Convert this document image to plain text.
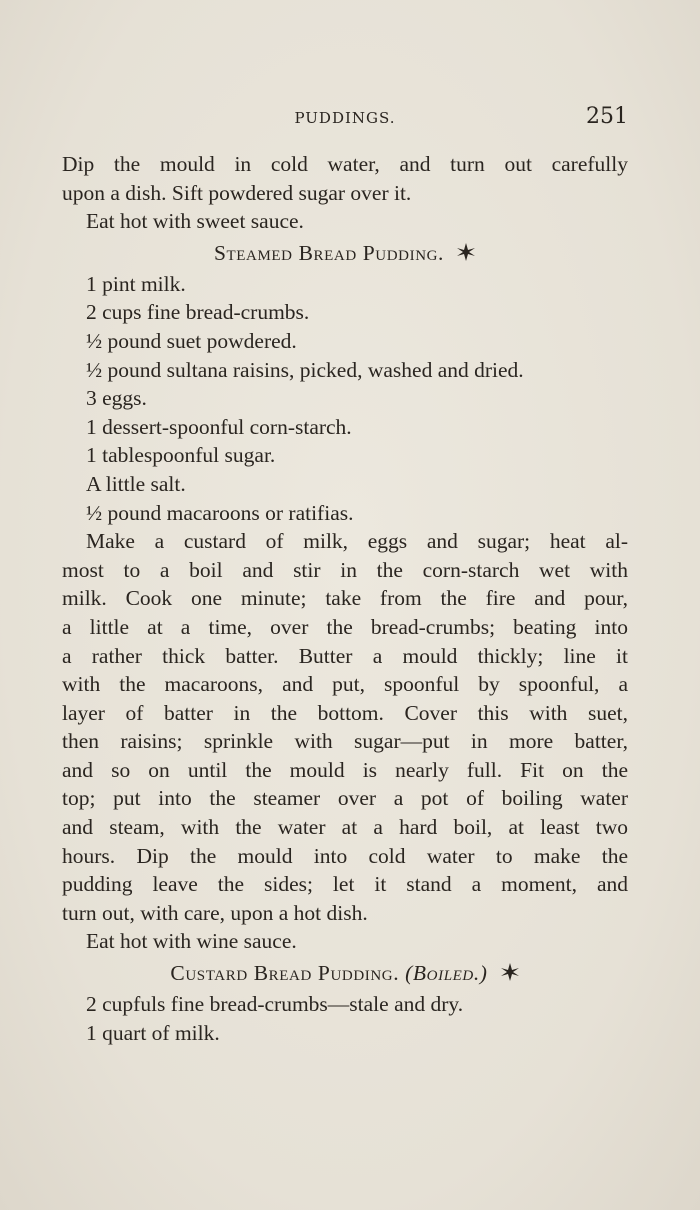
PUDDINGS.	251
Dip the mould in cold water, and turn out carefully
upon a dish. Sift powdered sugar over it.
Eat hot with sweet sauce.
Steamed Bread Pudding.
1 pint milk.
2 cups fine bread-crumbs.
½ pound suet powdered.
½ pound sultana raisins, picked, washed and dried.
3 eggs.
1 dessert-spoonful corn-starch.
1 tablespoonful sugar.
A little salt.
½ pound macaroons or ratifias.
Make a custard of milk, eggs and sugar; heat al-
most to a boil and stir in the corn-starch wet with
milk. Cook one minute; take from the fire and pour,
a little at a time, over the bread-crumbs; beating into
a rather thick batter. Butter a mould thickly; line it
with the macaroons, and put, spoonful by spoonful, a
layer of batter in the bottom. Cover this with suet,
then raisins; sprinkle with sugar—put in more batter,
and so on until the mould is nearly full. Fit on the
top; put into the steamer over a pot of boiling water
and steam, with the water at a hard boil, at least two
hours. Dip the mould into cold water to make the
pudding leave the sides; let it stand a moment, and
turn out, with care, upon a hot dish.
Eat hot with wine sauce.
Custard Bread Pudding. (Boiled.)
2 cupfuls fine bread-crumbs—stale and dry.
1 quart of milk.
